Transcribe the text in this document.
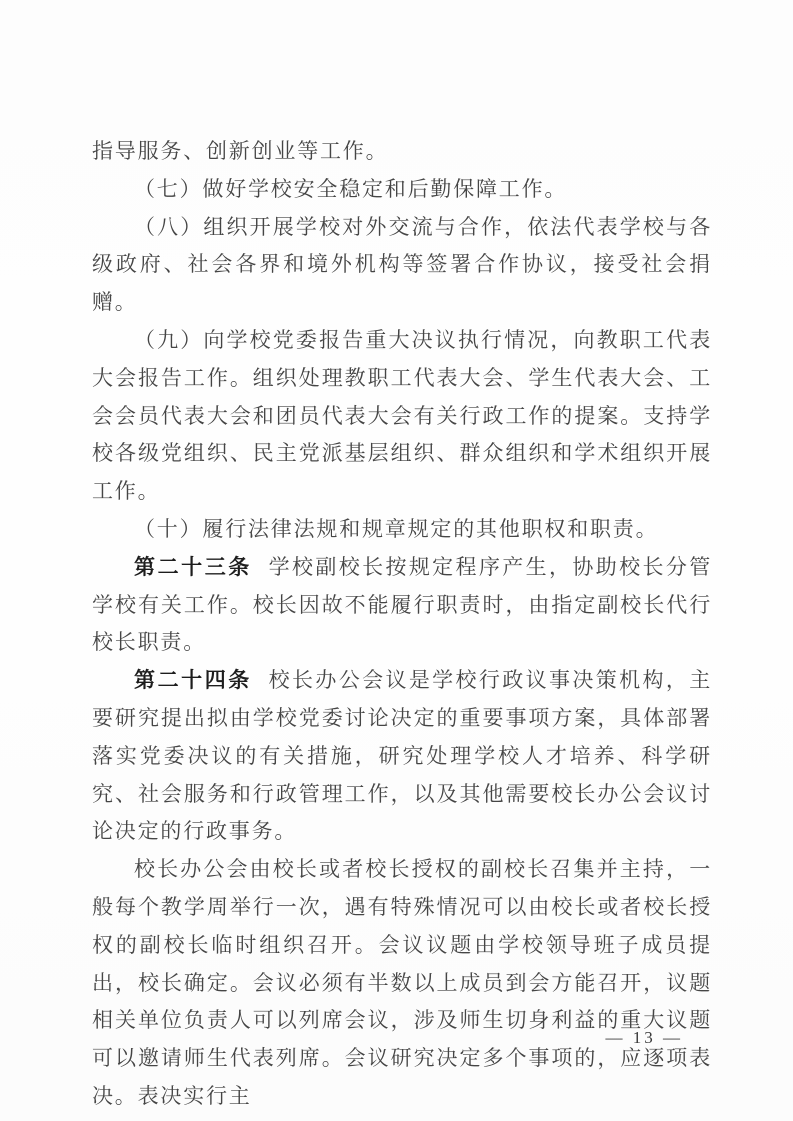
指导服务、创新创业等工作。

（七）做好学校安全稳定和后勤保障工作。

（八）组织开展学校对外交流与合作，依法代表学校与各级政府、社会各界和境外机构等签署合作协议，接受社会捐赠。

（九）向学校党委报告重大决议执行情况，向教职工代表大会报告工作。组织处理教职工代表大会、学生代表大会、工会会员代表大会和团员代表大会有关行政工作的提案。支持学校各级党组织、民主党派基层组织、群众组织和学术组织开展工作。

（十）履行法律法规和规章规定的其他职权和职责。

第二十三条 学校副校长按规定程序产生，协助校长分管学校有关工作。校长因故不能履行职责时，由指定副校长代行校长职责。

第二十四条 校长办公会议是学校行政议事决策机构，主要研究提出拟由学校党委讨论决定的重要事项方案，具体部署落实党委决议的有关措施，研究处理学校人才培养、科学研究、社会服务和行政管理工作，以及其他需要校长办公会议讨论决定的行政事务。

校长办公会由校长或者校长授权的副校长召集并主持，一般每个教学周举行一次，遇有特殊情况可以由校长或者校长授权的副校长临时组织召开。会议议题由学校领导班子成员提出，校长确定。会议必须有半数以上成员到会方能召开，议题相关单位负责人可以列席会议，涉及师生切身利益的重大议题可以邀请师生代表列席。会议研究决定多个事项的，应逐项表决。表决实行主

— 13 —
